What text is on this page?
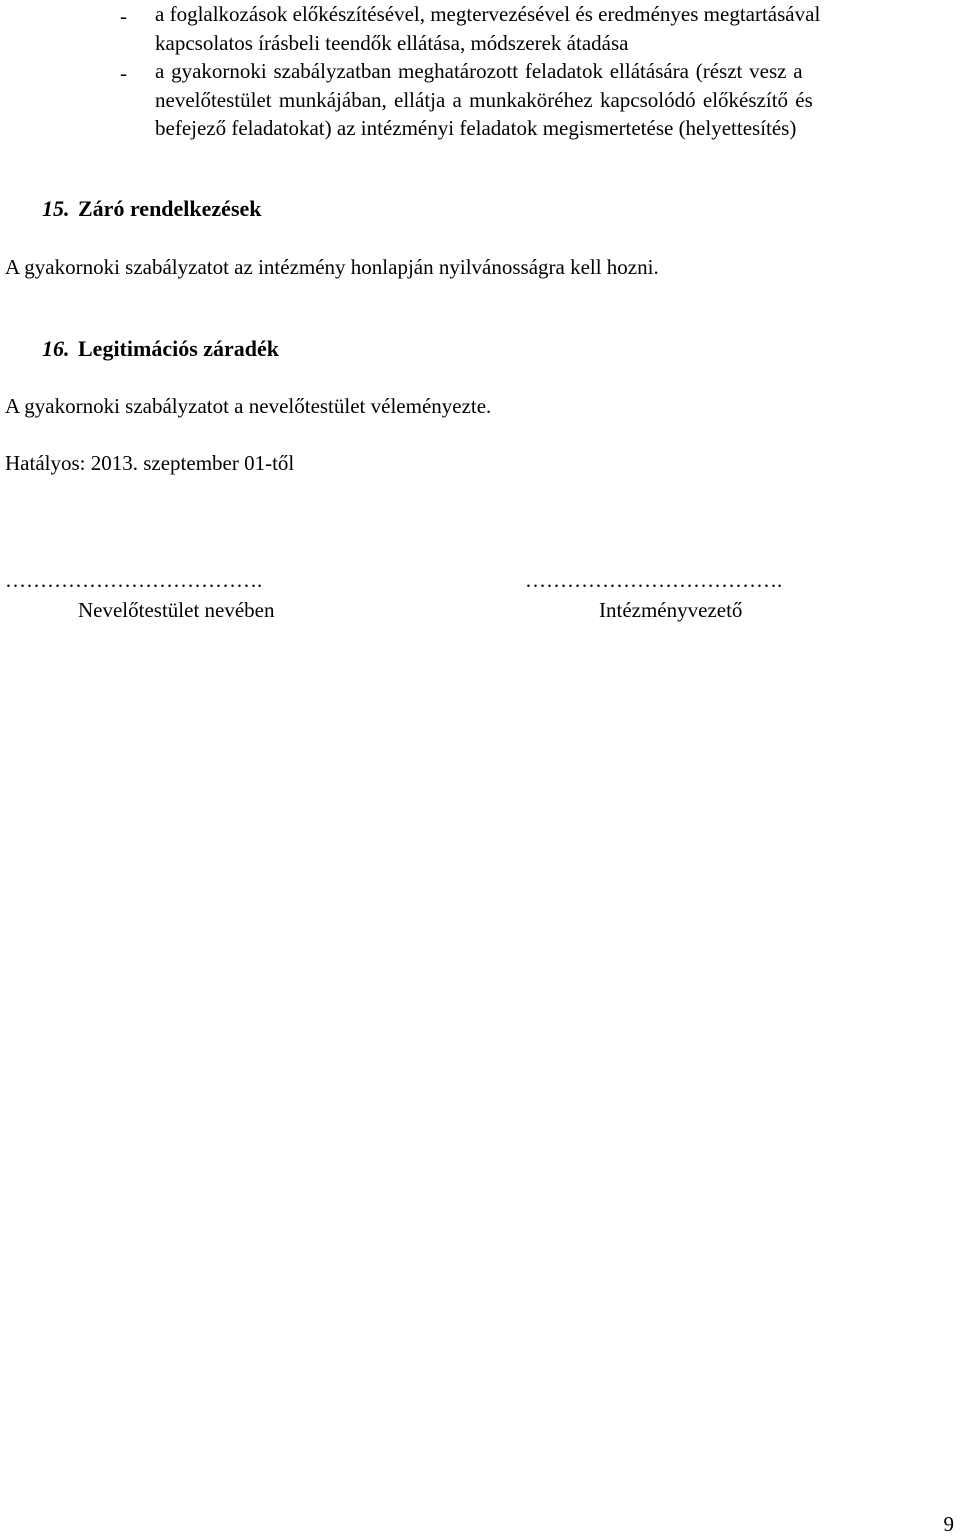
- a foglalkozások előkészítésével, megtervezésével és eredményes megtartásával
kapcsolatos írásbeli teendők ellátása, módszerek átadása
- a gyakornoki szabályzatban meghatározott feladatok ellátására (részt vesz a
nevelőtestület munkájában, ellátja a munkaköréhez kapcsolódó előkészítő és
befejező feladatokat) az intézményi feladatok megismertetése (helyettesítés)
15. Záró rendelkezések
A gyakornoki szabályzatot az intézmény honlapján nyilvánosságra kell hozni.
16. Legitimációs záradék
A gyakornoki szabályzatot a nevelőtestület véleményezte.
Hatályos: 2013. szeptember 01-től
……………………………….
Nevelőtestület nevében
……………………………….
Intézményvezető
9
